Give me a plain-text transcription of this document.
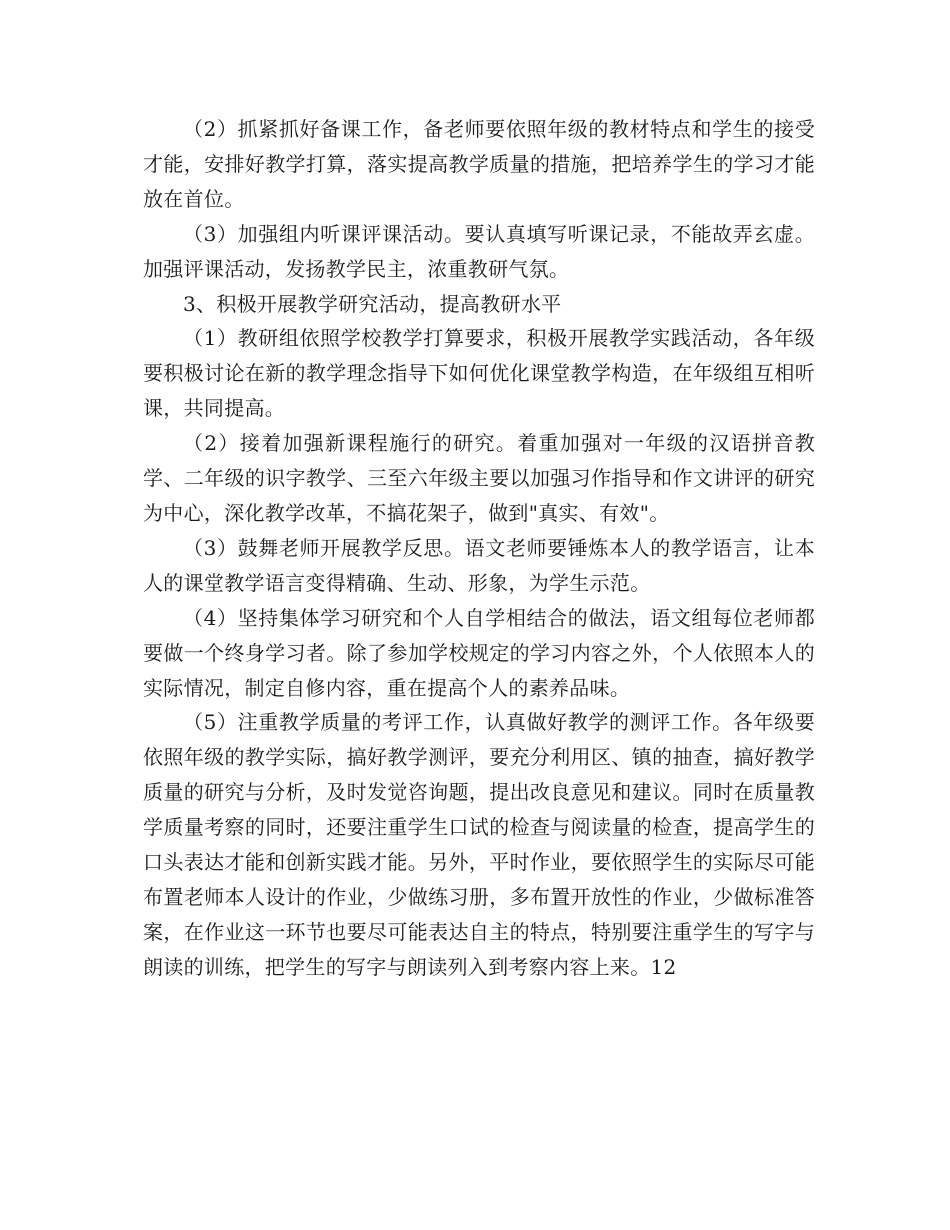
（2）抓紧抓好备课工作，备老师要依照年级的教材特点和学生的接受才能，安排好教学打算，落实提高教学质量的措施，把培养学生的学习才能放在首位。

（3）加强组内听课评课活动。要认真填写听课记录，不能故弄玄虚。加强评课活动，发扬教学民主，浓重教研气氛。

3、积极开展教学研究活动，提高教研水平

（1）教研组依照学校教学打算要求，积极开展教学实践活动，各年级要积极讨论在新的教学理念指导下如何优化课堂教学构造，在年级组互相听课，共同提高。

（2）接着加强新课程施行的研究。着重加强对一年级的汉语拼音教学、二年级的识字教学、三至六年级主要以加强习作指导和作文讲评的研究为中心，深化教学改革，不搞花架子，做到"真实、有效"。

（3）鼓舞老师开展教学反思。语文老师要锤炼本人的教学语言，让本人的课堂教学语言变得精确、生动、形象，为学生示范。

（4）坚持集体学习研究和个人自学相结合的做法，语文组每位老师都要做一个终身学习者。除了参加学校规定的学习内容之外，个人依照本人的实际情况，制定自修内容，重在提高个人的素养品味。

（5）注重教学质量的考评工作，认真做好教学的测评工作。各年级要依照年级的教学实际，搞好教学测评，要充分利用区、镇的抽查，搞好教学质量的研究与分析，及时发觉咨询题，提出改良意见和建议。同时在质量教学质量考察的同时，还要注重学生口试的检查与阅读量的检查，提高学生的口头表达才能和创新实践才能。另外，平时作业，要依照学生的实际尽可能布置老师本人设计的作业，少做练习册，多布置开放性的作业，少做标准答案，在作业这一环节也要尽可能表达自主的特点，特别要注重学生的写字与朗读的训练，把学生的写字与朗读列入到考察内容上来。12
